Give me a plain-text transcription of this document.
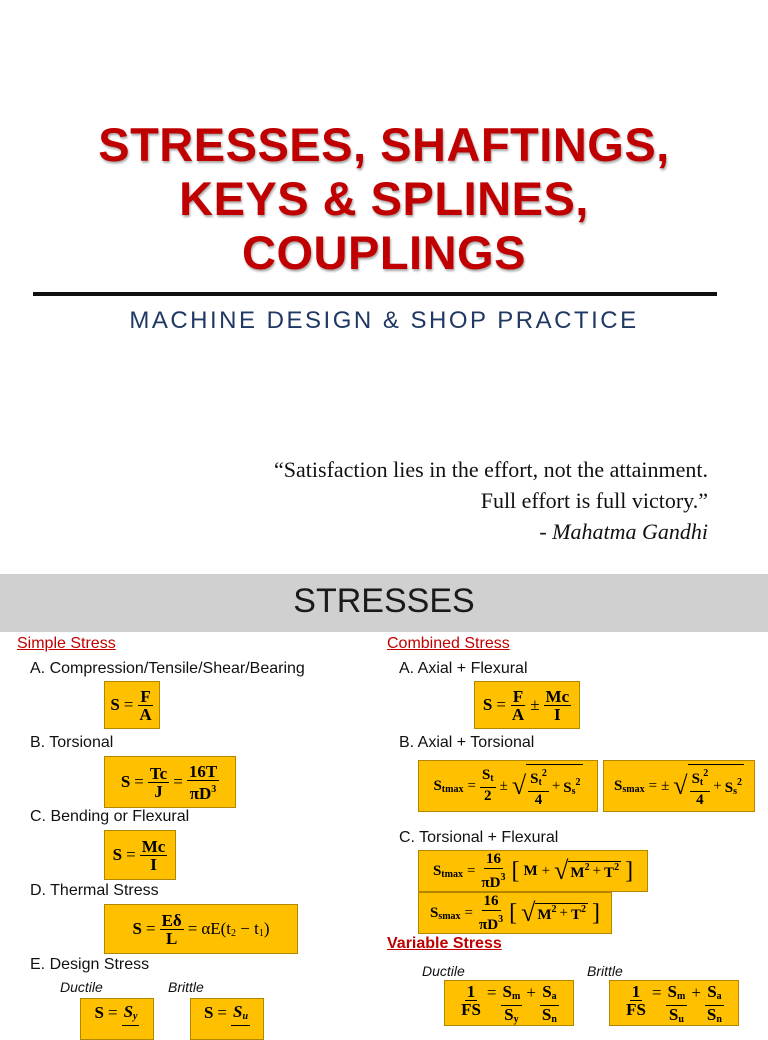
STRESSES, SHAFTINGS,
KEYS & SPLINES,
COUPLINGS
MACHINE DESIGN & SHOP PRACTICE
“Satisfaction lies in the effort, not the attainment.
Full effort is full victory.”
- Mahatma Gandhi
STRESSES
Simple Stress
A. Compression/Tensile/Shear/Bearing
$S = \frac{F}{A}$
B. Torsional
$S = \frac{Tc}{J} = \frac{16T}{\pi D^3}$
C. Bending or Flexural
$S = \frac{Mc}{I}$
D. Thermal Stress
$S = \frac{E\delta}{L} = \alpha E(t_2 - t_1)$
E. Design Stress
Ductile	Brittle
$S = S_y$	$S = S_u$
Combined Stress
A. Axial + Flexural
$S = \frac{F}{A} \pm \frac{Mc}{I}$
B. Axial + Torsional
$S_{tmax} = \frac{S_t}{2}$ ± √ $\frac{S_t^2}{4} + S_s^2$ $S_{smax}$ = ± √ $\frac{S_t^2}{4} + S_s^2$
C. Torsional + Flexural
$S_{tmax} = \frac{16}{\pi D^3}$ [ M + √ $M^2 + T^2$ ]
$S_{smax} = \frac{16}{\pi D^3}$ [ √ $M^2 + T^2$ ]
Variable Stress
Ductile	Brittle
$\frac{1}{FS} = \frac{S_m}{S_y} + \frac{S_a}{S_n}$	$\frac{1}{FS} = \frac{S_m}{S_u} + \frac{S_a}{S_n}$
